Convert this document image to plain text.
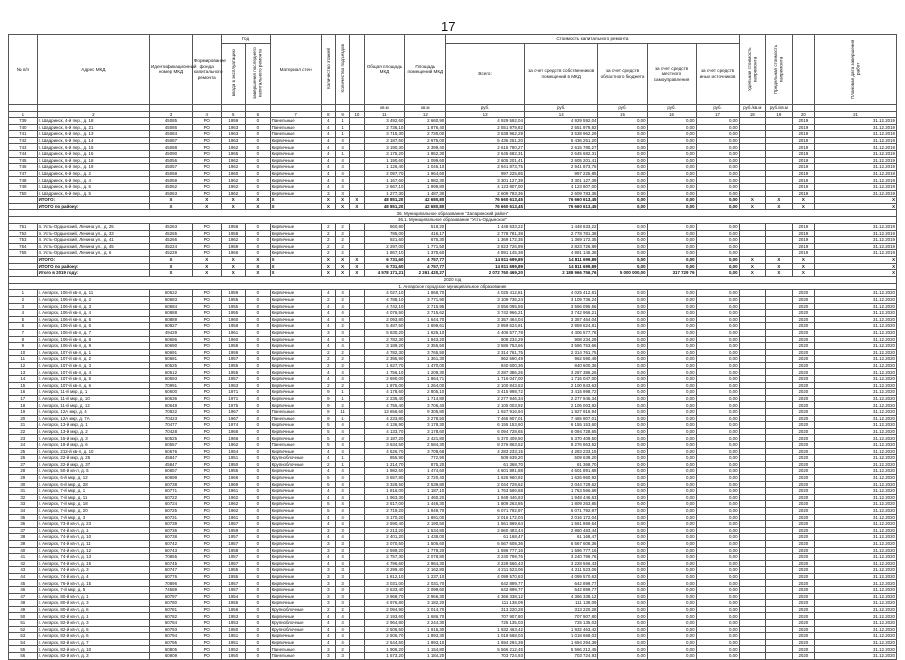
17
№ п/п	Адрес МКД	Идентификационный номер МКД	Формирование фонда капитального ремонта	Год		Материал стен	Количество этажей	Количество подъездов		Общая площадь МКД	Площадь помещений МКД	Стоимость капитального ремонта					Удельная стоимость капремонта	Предельная стоимость капремонта		Плановая дата завершения работ
				ввода в эксплуатацию	завершения последнего капитального ремонта							Всего:	за счет средств собственников помещений в МКД	за счет средств областного бюджета	за счет средств местного самоуправления	за счет средств иных источников				
										кв.м	кв.м	руб.	руб.	руб.	руб.	руб.	руб./кв.м	руб./кв.м		
1	2	3	4	5	6	7	8	9	10	11	12	13	14	15	16	17	18	19	20	21
739	г. Шадринск, 4-й пер., д. 18	45085	РО	1959	0	Панельные	4	1		3 492,60	2 660,90	4 929 592,04	4 929 592,04	0,00	0,00	0,00			2019	31.12.2019
740	г. Шадринск, 6-й пер., д. 21	45086	РО	1963	0	Панельные	4	1		2 736,10	1 876,40	2 551 979,82	2 551 979,82	0,00	0,00	0,00			2019	31.12.2019
741	г. Шадринск, 6-й пер., д. 13	45084	РО	1963	0	Панельные	4	1		3 715,30	2 730,00	3 538 962,29	3 538 962,29	0,00	0,00	0,00			2019	31.12.2019
742	г. Шадринск, 6-й пер., д. 14	45087	РО	1963	0	Кирпичные	4	4		3 187,60	2 675,00	5 436 251,20	5 436 251,20	0,00	0,00	0,00			2019	31.12.2019
743	г. Шадринск, 6-й пер., д. 15	45088	РО	1962	0	Кирпичные	4	4		3 190,30	2 399,40	2 615 780,27	2 615 780,27	0,00	0,00	0,00			2019	31.12.2019
744	г. Шадринск, 6-й пер., д. 16	45090	РО	1965	0	Кирпичные	4	1		3 175,20	1 952,30	2 645 682,31	2 645 682,31	0,00	0,00	0,00			2019	31.12.2019
745	г. Шадринск, 6-й пер., д. 18	45056	РО	1962	0	Кирпичные	4	4		1 190,60	1 099,60	2 605 201,41	2 605 201,41	0,00	0,00	0,00			2019	31.12.2019
746	г. Шадринск, 6-й пер., д. 19	45057	РО	1962	0	Кирпичные	4	4		1 126,40	1 045,10	2 941 873,75	2 941 873,75	0,00	0,00	0,00			2019	31.12.2019
747	г. Шадринск, 6-й пер., д. 2	45058	РО	1960	0	Кирпичные	4	4		2 097,70	1 964,60	997 225,85	997 225,85	0,00	0,00	0,00			2019	31.12.2019
748	г. Шадринск, 6-й пер., д. 4	45059	РО	1962	0	Кирпичные	4	4		1 167,60	1 982,30	3 301 127,39	3 301 127,39	0,00	0,00	0,00			2019	31.12.2019
749	г. Шадринск, 6-й пер., д. 6	45062	РО	1962	0	Кирпичные	4	4		2 667,10	1 999,80	4 123 807,00	4 123 807,00	0,00	0,00	0,00			2019	31.12.2019
750	г. Шадринск, 6-й пер., д. 5	45063	РО	1962	0	Кирпичные	3	3		1 277,30	1 487,30	2 609 783,36	2 609 783,36	0,00	0,00	0,00			2019	31.12.2019
	ИТОГО:	X	X	X	X	X	X	X	X	48 851,20	42 680,80	76 660 613,45	76 660 613,45	0,00	0,00	0,00	X	X	X	X
	ИТОГО по району:	X	X	X	X	X	X	X	X	48 851,20	42 680,80	76 660 613,45	76 660 613,45	0,00	0,00	0,00	X	X	X	X
36. Муниципальное образование "Заларинский район"																				
36.1. Муниципальное образование "Усть-Ордынское"																				
751	п. Усть-Ордынский, Ленина ул., д. 25	45263	РО	1958	0	Кирпичные	2	2		860,90	519,20	1 448 633,22	1 448 633,22	0,00	0,00	0,00			2019	31.12.2019
752	п. Усть-Ордынский, Ленина ул., д. 33	45265	РО	1958	0	Кирпичные	2	2		785,00	416,17	2 778 781,38	2 778 781,38	0,00	0,00	0,00			2019	31.12.2019
753	п. Усть-Ордынский, Ленина ул., д. 41	45266	РО	1962	0	Кирпичные	2	2		921,60	675,30	1 369 172,35	1 369 172,35	0,00	0,00	0,00			2019	31.12.2019
754	п. Усть-Ордынский, Ленина ул., д. 45	45224	РО	1959	0	Кирпичные	2	2		2 297,00	1 771,50	2 823 726,89	2 823 726,89	0,00	0,00	0,00			2019	31.12.2019
755	п. Усть-Ордынский, Ленина ул., д. 6	45229	РО	1966	0	Кирпичные	2	2		1 867,10	1 375,60	4 891 145,38	4 891 145,38	0,00	0,00	0,00			2019	31.12.2019
	ИТОГО:	X	X	X	X	X	X	X	X	6 731,60	4 757,77	14 811 699,89	14 811 699,89	0,00	0,00	0,00	X	X	X	X
	ИТОГО по району:	X	X	X	X	X	X	X	X	6 731,60	4 757,77	14 811 699,89	14 811 699,89	0,00	0,00	0,00	X	X	X	X
	Итого в 2019 году:	X	X	X	X	X	X	X	X	4 578 171,21	2 261 420,27	2 072 760 469,20	2 188 966 756,76	5 000 000,00	317 729 76	0,00	X	X	X	X
2020 год																				
1. Ангарское городское муниципальное образование																				
1	г. Ангарск, 106-й кв-л, д. 11	60622	РО	1959	0	Кирпичные	4	4		4 027,10	1 868,70	4 025 412,81	4 025 412,81	0,00	0,00	0,00			2020	31.12.2020
2	г. Ангарск, 106-й кв-л, д. 2	60683	РО	1955	0	Кирпичные	2	2		4 788,10	3 771,90	3 109 736,24	3 109 736,24	0,00	0,00	0,00			2020	31.12.2020
3	г. Ангарск, 106-й кв-л, д. 3	60684	РО	1955	0	Кирпичные	4	4		4 742,10	2 715,95	3 556 095,56	3 556 095,56	0,00	0,00	0,00			2020	31.12.2020
4	г. Ангарск, 106-й кв-л, д. 4	60888	РО	1955	0	Кирпичные	4	4		4 076,50	2 715,62	3 742 966,21	3 742 966,21	0,00	0,00	0,00			2020	31.12.2020
5	г. Ангарск, 106-й кв-л, д. 5	60889	РО	1960	0	Кирпичные	4	4		2 093,80	1 644,70	3 357 464,04	3 357 464,04	0,00	0,00	0,00			2020	31.12.2020
6	г. Ангарск, 106-й кв-л, д. 6	60927	РО	1958	0	Кирпичные	4	2		5 487,50	1 699,61	2 959 624,81	2 959 624,81	0,00	0,00	0,00			2020	31.12.2020
7	г. Ангарск, 106-й кв-л, д. 7	49429	РО	1961	0	Кирпичные	3	3		5 830,20	1 625,10	4 406 577,78	4 406 577,78	0,00	0,00	0,00			2020	31.12.2020
8	г. Ангарск, 106-й кв-л, д. 8	60686	РО	1960	0	Кирпичные	4	4		2 782,30	1 943,20	908 234,29	908 234,29	0,00	0,00	0,00			2020	31.12.2020
9	г. Ангарск, 106-й кв-л, д. 9	60690	РО	1958	0	Кирпичные	4	4		3 189,20	2 355,50	3 586 753,66	3 586 753,66	0,00	0,00	0,00			2020	31.12.2020
10	г. Ангарск, 107-й кв-л, д. 1	60691	РО	1959	0	Кирпичные	2	2		4 782,30	3 765,50	2 314 761,75	2 314 761,75	0,00	0,00	0,00			2020	31.12.2020
11	г. Ангарск, 107-й кв-л, д. 2	60681	РО	1957	0	Кирпичные	2	2		2 395,90	1 361,30	962 590,49	962 590,49	0,00	0,00	0,00			2020	31.12.2020
12	г. Ангарск, 107-й кв-л, д. 3	60525	РО	1955	0	Кирпичные	2	2		1 627,70	1 470,00	840 600,36	840 600,36	0,00	0,00	0,00			2020	31.12.2020
13	г. Ангарск, 107-й кв-л, д. 4	60512	РО	1955	0	Кирпичные	4	4		1 756,10	1 209,30	3 287 386,26	3 287 386,26	0,00	0,00	0,00			2020	31.12.2020
14	г. Ангарск, 107-й кв-л, д. 5	60593	РО	1957	0	Кирпичные	4	4		2 690,00	1 964,71	1 716 047,00	1 716 047,00	0,00	0,00	0,00			2020	31.12.2020
15	г. Ангарск, 107-й кв-л, д. 6	70991	РО	1953	0	Кирпичные	2	2		1 875,00	1 264,00	2 100 843,63	2 100 843,63	0,00	0,00	0,00			2020	31.12.2020
16	г. Ангарск, 11-й мкр, д. 1	60600	РО	1971	0	Кирпичные	9	1		4 178,60	2 805,10	3 415 998,72	3 415 998,72	0,00	0,00	0,00			2020	31.12.2020
17	г. Ангарск, 11-й мкр, д. 10	60636	РО	1971	0	Кирпичные	9	1		2 235,40	1 714,80	2 277 946,34	2 277 946,34	0,00	0,00	0,00			2020	31.12.2020
18	г. Ангарск, 11-й мкр, д. 12	60648	РО	1975	0	Кирпичные	9	2		4 755,40	3 706,40	2 105 003,92	2 105 003,92	0,00	0,00	0,00			2020	31.12.2020
19	г. Ангарск, 12А мкр, д. 4	70822	РО	1967	0	Панельные	9	11		13 656,60	9 306,80	1 927 916,94	1 927 916,94	0,00	0,00	0,00			2020	31.12.2020
20	г. Ангарск, 12А мкр, д. 7А	70423	РО	1967	0	Панельные	9	1		4 233,80	3 278,50	7 465 907,01	7 465 907,01	0,00	0,00	0,00			2020	31.12.2020
21	г. Ангарск, 13-й мкр, д. 1	70477	РО	1974	0	Кирпичные	5	4		4 136,90	3 178,30	6 155 153,60	6 155 153,60	0,00	0,00	0,00			2020	31.12.2020
22	г. Ангарск, 13-й мкр, д. 2	70428	РО	1966	0	Кирпичные	5	4		4 133,70	3 178,60	6 094 728,65	6 094 728,65	0,00	0,00	0,00			2020	31.12.2020
23	г. Ангарск, 15-й мкр, д. 3	60525	РО	1966	0	Кирпичные	5	4		3 187,20	2 421,80	5 370 409,50	5 370 409,50	0,00	0,00	0,00			2020	31.12.2020
24	г. Ангарск, 18-й мкр, д. 6	60557	РО	1962	0	Панельные	5	4		3 634,50	2 584,30	8 276 863,52	8 276 863,52	0,00	0,00	0,00			2020	31.12.2020
25	г. Ангарск, 212-й кв-л, д. 10	60676	РО	1954	0	Кирпичные	4	4		4 626,70	3 708,68	4 283 233,15	4 283 233,15	0,00	0,00	0,00			2020	31.12.2020
26	г. Ангарск, 22-й мкр, д. 25	45847	РО	1951	0	Крупноблочные	4	1		855,90	772,90	509 639,20	509 639,20	0,00	0,00	0,00			2020	31.12.2020
27	г. Ангарск, 22-й мкр, д. 37	45847	РО	1950	0	Крупноблочные	2	1		1 214,70	875,20	61 368,70	61 368,70	0,00	0,00	0,00			2020	31.12.2020
28	г. Ангарск, 50-й кв-л, д. 5	60657	РО	1955	0	Кирпичные	4	4		1 982,60	1 474,60	4 601 891,88	4 601 891,88	0,00	0,00	0,00			2020	31.12.2020
29	г. Ангарск, 6-й мкр, д. 12	60698	РО	1966	0	Кирпичные	5	4		3 657,80	2 720,40	1 626 960,92	1 626 960,92	0,00	0,00	0,00			2020	31.12.2020
30	г. Ангарск, 6-й мкр, д. 28	60738	РО	1969	0	Кирпичные	5	4		3 328,50	2 539,80	2 044 729,62	2 044 729,62	0,00	0,00	0,00			2020	31.12.2020
31	г. Ангарск, 7-й мкр, д. 1	60771	РО	1961	0	Кирпичные	4	4		1 816,00	1 187,10	1 763 566,68	1 763 566,68	0,00	0,00	0,00			2020	31.12.2020
32	г. Ангарск, 7-й мкр, д. 11	60722	РО	1962	0	Кирпичные	4	4		1 963,30	1 460,20	1 948 446,63	1 948 446,63	0,00	0,00	0,00			2020	31.12.2020
33	г. Ангарск, 7-й мкр, д. 18	60724	РО	1962	0	Кирпичные	5	4		2 517,00	1 446,30	1 809 263,85	1 809 263,85	0,00	0,00	0,00			2020	31.12.2020
34	г. Ангарск, 7-й мкр, д. 20	60725	РО	1962	0	Кирпичные	5	4		2 719,20	1 949,70	6 071 792,97	6 071 792,97	0,00	0,00	0,00			2020	31.12.2020
35	г. Ангарск, 7-й мкр, д. 3	60731	РО	1961	0	Кирпичные	4	4		3 170,20	1 891,00	2 016 172,04	2 016 172,04	0,00	0,00	0,00			2020	31.12.2020
36	г. Ангарск, 73-й кв-л, д. 23	60739	РО	1957	0	Кирпичные	4	4		2 590,40	2 190,50	1 561 869,64	1 561 869,64	0,00	0,00	0,00			2020	31.12.2020
37	г. Ангарск, 74-й кв-л, д. 1	60736	РО	1959	0	Кирпичные	3	3		2 213,20	1 534,80	2 860 483,44	2 860 483,44	0,00	0,00	0,00			2020	31.12.2020
38	г. Ангарск, 74-й кв-л, д. 10	60738	РО	1957	0	Кирпичные	4	4		2 401,20	1 438,00	61 168,47	61 168,47	0,00	0,00	0,00			2020	31.12.2020
39	г. Ангарск, 74-й кв-л, д. 11	60742	РО	1957	0	Кирпичные	3	3		2 070,50	1 506,60	6 567 608,36	6 567 608,36	0,00	0,00	0,00			2020	31.12.2020
40	г. Ангарск, 74-й кв-л, д. 12	60743	РО	1958	0	Кирпичные	3	3		2 599,20	1 778,20	1 596 777,16	1 596 777,16	0,00	0,00	0,00			2020	31.12.2020
41	г. Ангарск, 74-й кв-л, д. 13	70855	РО	1957	0	Кирпичные	4	4		2 757,30	2 078,80	3 240 799,76	3 240 799,76	0,00	0,00	0,00			2020	31.12.2020
42	г. Ангарск, 74-й кв-л, д. 15	60745	РО	1957	0	Кирпичные	4	4		4 796,60	2 964,30	3 228 566,43	3 228 566,43	0,00	0,00	0,00			2020	31.12.2020
43	г. Ангарск, 74-й кв-л, д. 3	60747	РО	1955	0	Кирпичные	3	3		3 299,40	2 162,80	4 211 523,06	4 211 523,06	0,00	0,00	0,00			2020	31.12.2020
44	г. Ангарск, 74-й кв-л, д. 4	60776	РО	1955	0	Кирпичные	3	3		1 812,10	1 237,10	4 099 570,63	4 099 570,63	0,00	0,00	0,00			2020	31.12.2020
45	г. Ангарск, 76-й кв-л, д. 15	70896	РО	1957	0	Кирпичные	3	3		3 031,00	2 031,70	642 899,77	642 899,77	0,00	0,00	0,00			2020	31.12.2020
46	г. Ангарск, 7-й мкр, д. 5	74589	РО	1957	0	Кирпичные	3	3		2 633,40	2 099,60	642 899,77	642 899,77	0,00	0,00	0,00			2020	31.12.2020
47	г. Ангарск, 80-й кв-л, д. 1	60797	РО	1954	0	Кирпичные	3	3		3 968,70	2 966,30	4 366 338,12	4 366 338,12	0,00	0,00	0,00			2020	31.12.2020
48	г. Ангарск, 80-й кв-л, д. 3	60780	РО	1955	0	Кирпичные	3	3		4 976,80	3 182,20	111 138,09	111 138,09	0,00	0,00	0,00			2020	31.12.2020
49	г. Ангарск, 80-й кв-л, д. 6	60781	РО	1956	0	Крупноблочные	2	2		2 094,90	2 014,70	313 220,28	313 220,28	0,00	0,00	0,00			2020	31.12.2020
50	г. Ангарск, 82-й кв-л, д. 1	60782	РО	1953	0	Кирпичные	4	4		2 193,60	1 686,70	707 907,80	707 907,80	0,00	0,00	0,00			2020	31.12.2020
51	г. Ангарск, 82-й кв-л, д. 3	60784	РО	1953	0	Крупноблочные	4	4		2 964,80	2 244,30	725 135,03	725 135,03	0,00	0,00	0,00			2020	31.12.2020
52	г. Ангарск, 82-й кв-л, д. 5	60793	РО	1950	0	Крупноблочные	4	4		2 506,50	1 915,30	1 932 463,42	1 932 463,42	0,00	0,00	0,00			2020	31.12.2020
53	г. Ангарск, 82-й кв-л, д. 6	60794	РО	1951	0	Кирпичные	4	4		2 506,70	1 993,30	1 018 668,03	1 018 668,03	0,00	0,00	0,00			2020	31.12.2020
54	г. Ангарск, 82-й кв-л, д. 7	60795	РО	1951	0	Кирпичные	4	4		2 544,50	1 993,10	1 694 294,39	1 694 294,39	0,00	0,00	0,00			2020	31.12.2020
55	г. Ангарск, 82-й кв-л, д. 10	60805	РО	1952	0	Панельные	3	2		1 906,20	1 154,80	5 566 212,45	5 566 212,45	0,00	0,00	0,00			2020	31.12.2020
56	г. Ангарск, 82-й кв-л, д. 3	60809	РО	1950	0	Панельные	3	3		1 573,20	1 184,20	703 724,93	703 724,93	0,00	0,00	0,00			2020	31.12.2020
